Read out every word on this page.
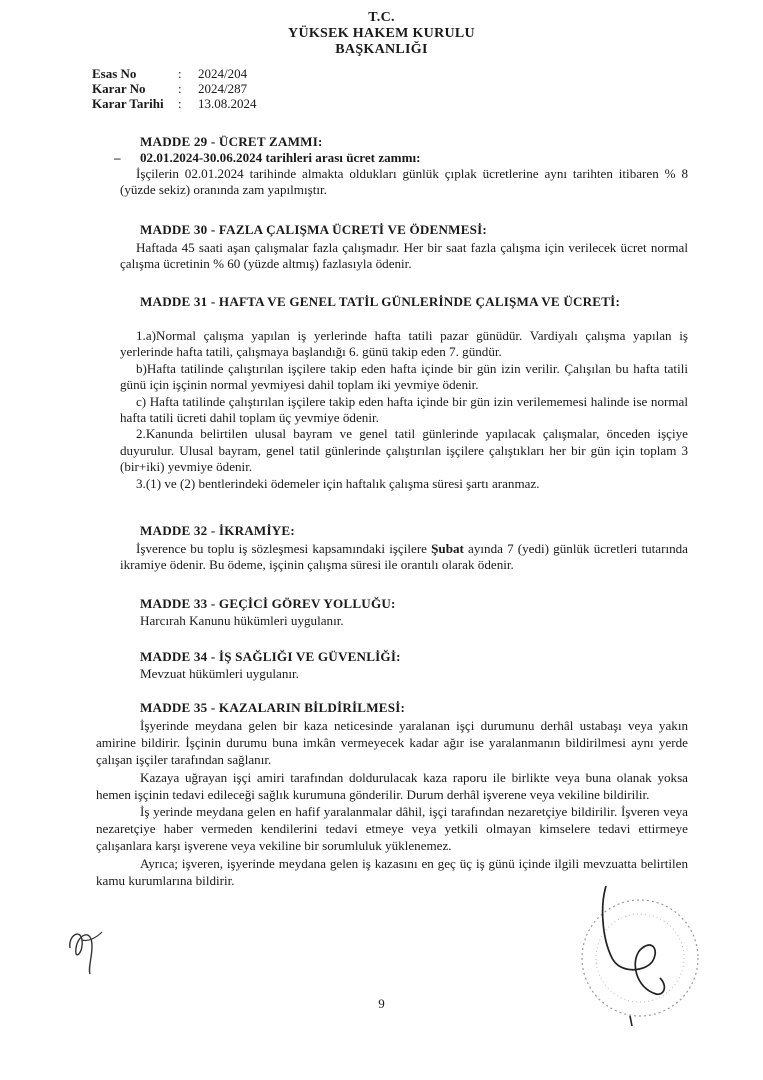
T.C.
YÜKSEK HAKEM KURULU
BAŞKANLIĞI
Esas No	:	2024/204
Karar No	:	2024/287
Karar Tarihi	:	13.08.2024
MADDE 29 - ÜCRET ZAMMI:
– 02.01.2024-30.06.2024 tarihleri arası ücret zammı:
İşçilerin 02.01.2024 tarihinde almakta oldukları günlük çıplak ücretlerine aynı tarihten itibaren % 8 (yüzde sekiz) oranında zam yapılmıştır.
MADDE 30 - FAZLA ÇALIŞMA ÜCRETİ VE ÖDENMESİ:
Haftada 45 saati aşan çalışmalar fazla çalışmadır. Her bir saat fazla çalışma için verilecek ücret normal çalışma ücretinin % 60 (yüzde altmış) fazlasıyla ödenir.
MADDE 31 - HAFTA VE GENEL TATİL GÜNLERİNDE ÇALIŞMA VE ÜCRETİ:
1.a)Normal çalışma yapılan iş yerlerinde hafta tatili pazar günüdür. Vardiyalı çalışma yapılan iş yerlerinde hafta tatili, çalışmaya başlandığı 6. günü takip eden 7. gündür.
b)Hafta tatilinde çalıştırılan işçilere takip eden hafta içinde bir gün izin verilir. Çalışılan bu hafta tatili günü için işçinin normal yevmiyesi dahil toplam iki yevmiye ödenir.
c) Hafta tatilinde çalıştırılan işçilere takip eden hafta içinde bir gün izin verilememesi halinde ise normal hafta tatili ücreti dahil toplam üç yevmiye ödenir.
2.Kanunda belirtilen ulusal bayram ve genel tatil günlerinde yapılacak çalışmalar, önceden işçiye duyurulur. Ulusal bayram, genel tatil günlerinde çalıştırılan işçilere çalıştıkları her bir gün için toplam 3 (bir+iki) yevmiye ödenir.
3.(1) ve (2) bentlerindeki ödemeler için haftalık çalışma süresi şartı aranmaz.
MADDE 32 - İKRAMİYE:
İşverence bu toplu iş sözleşmesi kapsamındaki işçilere Şubat ayında 7 (yedi) günlük ücretleri tutarında ikramiye ödenir. Bu ödeme, işçinin çalışma süresi ile orantılı olarak ödenir.
MADDE 33 - GEÇİCİ GÖREV YOLLUĞU:
Harcırah Kanunu hükümleri uygulanır.
MADDE 34 - İŞ SAĞLIĞI VE GÜVENLİĞİ:
Mevzuat hükümleri uygulanır.
MADDE 35 - KAZALARIN BİLDİRİLMESİ:
İşyerinde meydana gelen bir kaza neticesinde yaralanan işçi durumunu derhâl ustabaşı veya yakın amirine bildirir. İşçinin durumu buna imkân vermeyecek kadar ağır ise yaralanmanın bildirilmesi aynı yerde çalışan işçiler tarafından sağlanır.
Kazaya uğrayan işçi amiri tarafından doldurulacak kaza raporu ile birlikte veya buna olanak yoksa hemen işçinin tedavi edileceği sağlık kurumuna gönderilir. Durum derhâl işverene veya vekiline bildirilir.
İş yerinde meydana gelen en hafif yaralanmalar dâhil, işçi tarafından nezaretçiye bildirilir. İşveren veya nezaretçiye haber vermeden kendilerini tedavi etmeye veya yetkili olmayan kimselere tedavi ettirmeye çalışanlara karşı işverene veya vekiline bir sorumluluk yüklenemez.
Ayrıca; işveren, işyerinde meydana gelen iş kazasını en geç üç iş günü içinde ilgili mevzuatta belirtilen kamu kurumlarına bildirir.
9
